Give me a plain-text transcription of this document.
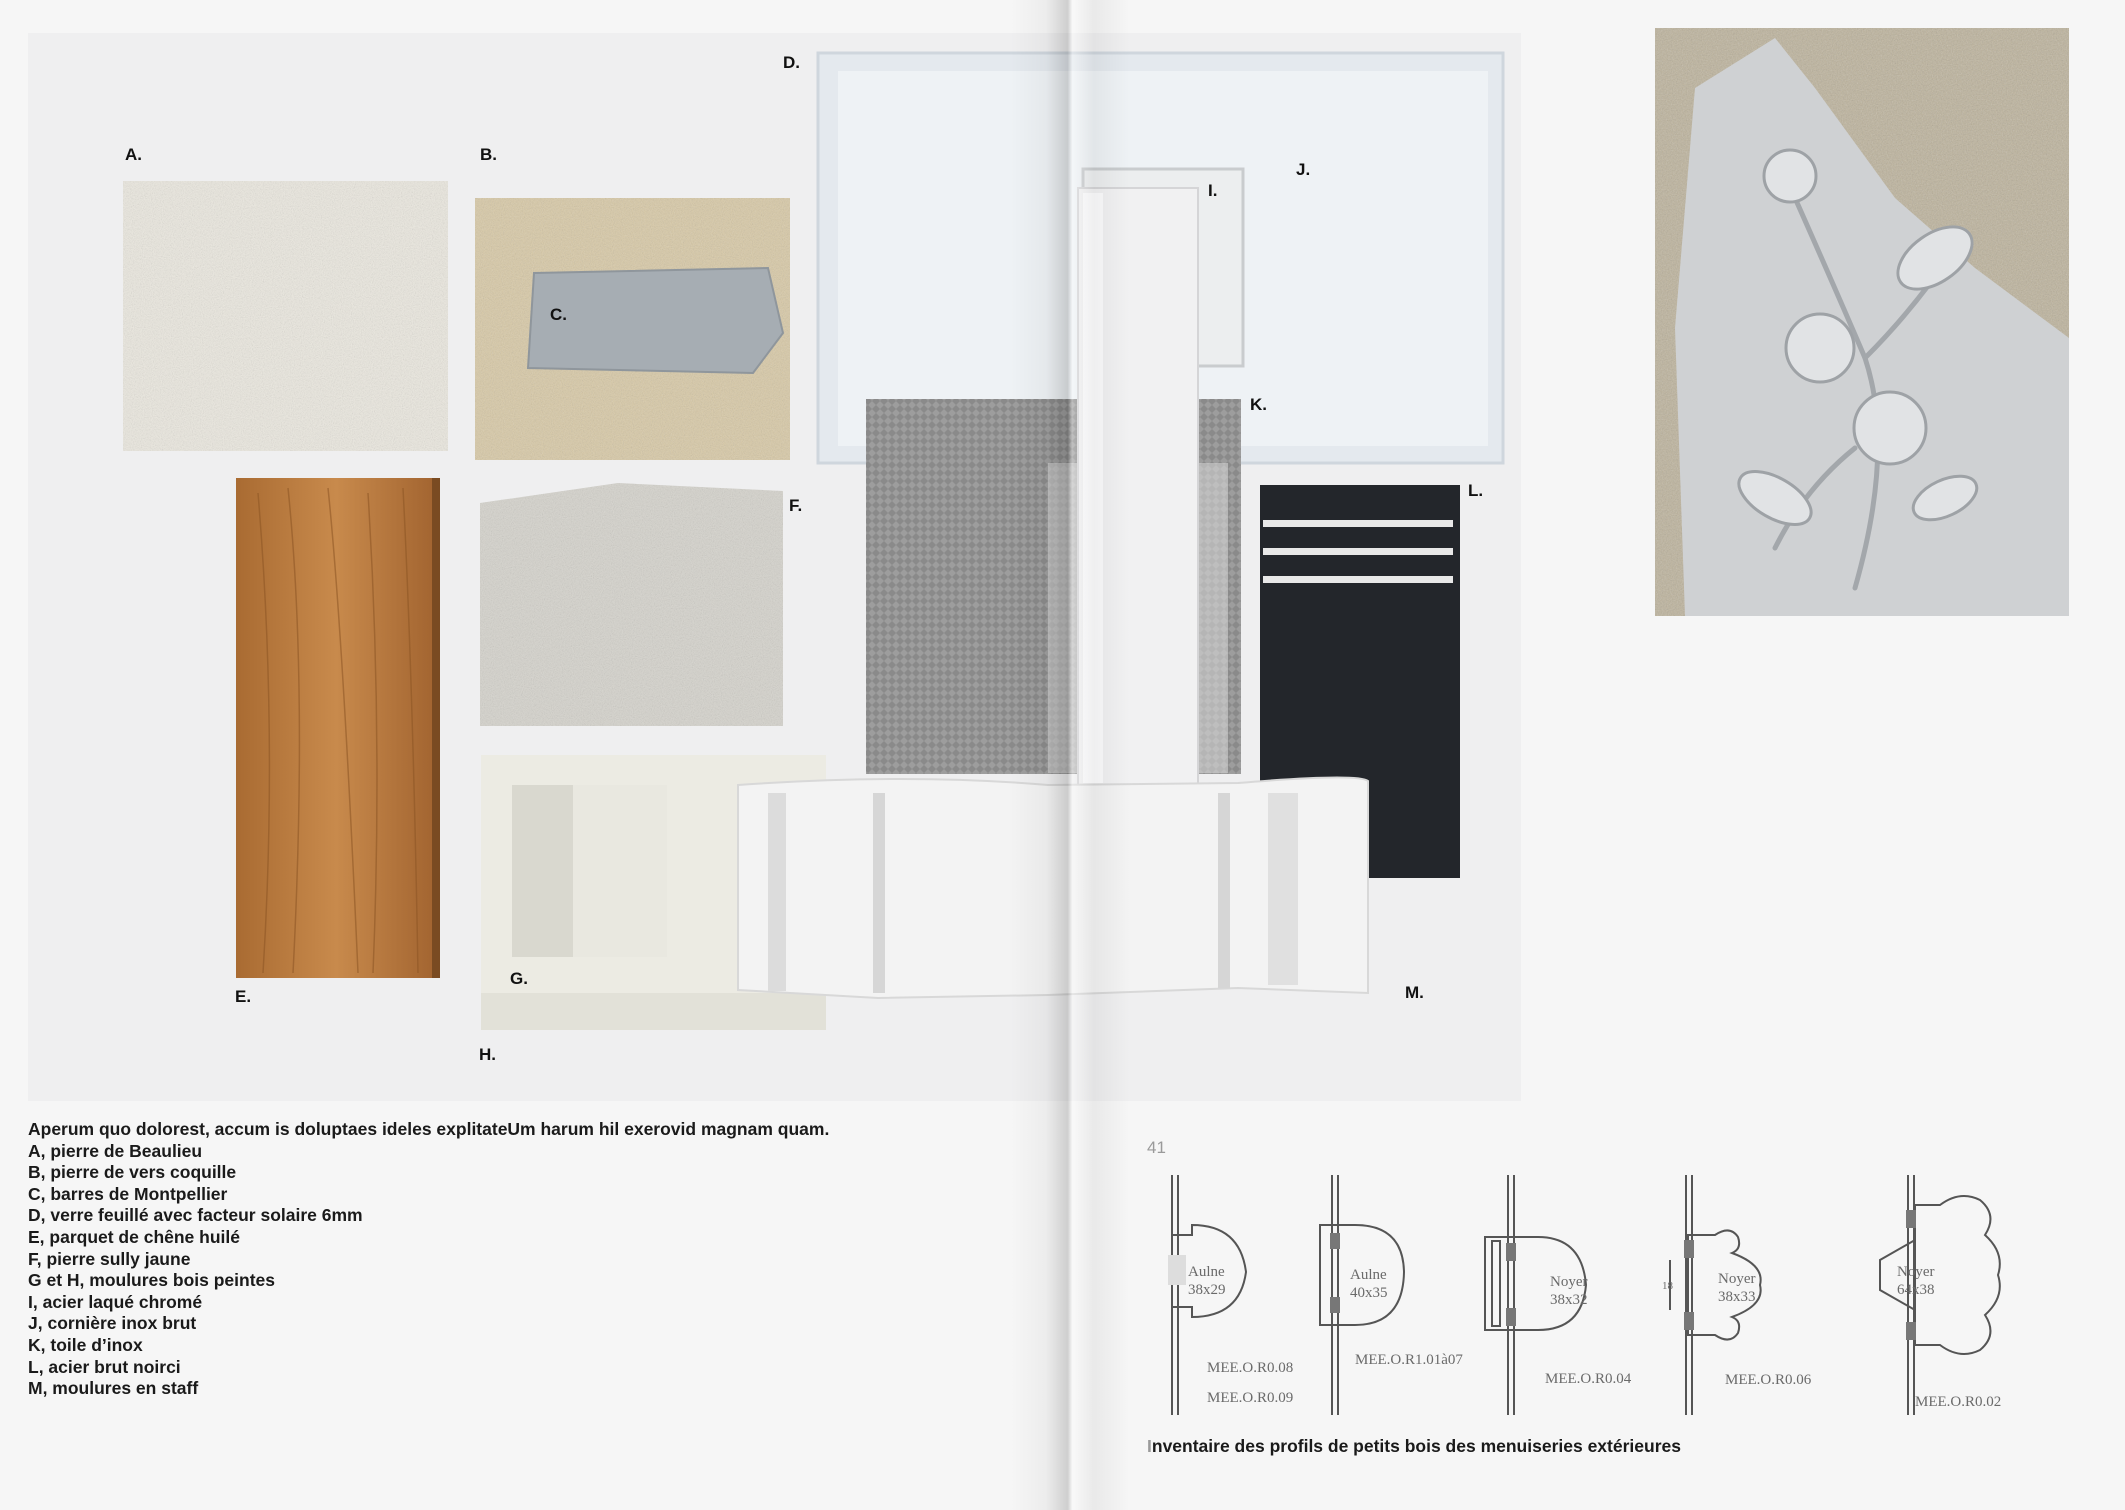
A.	B.
C.
D.
E.
F.
G.
H.
I.
J.
K.
L.
M.
Aperum quo dolorest, accum is doluptaes ideles explitateUm harum hil exerovid magnam quam.
A, pierre de Beaulieu
B, pierre de vers coquille
C, barres de Montpellier
D, verre feuillé avec facteur solaire 6mm
E, parquet de chêne huilé
F, pierre sully jaune
G et H, moulures bois peintes
I, acier laqué chromé
J, cornière inox brut
K, toile d’inox
L, acier brut noirci
M, moulures en staff
41
Aulne
38x29
MEE.O.R0.08
MEE.O.R0.09
Aulne
40x35
MEE.O.R1.01à07
Noyer
38x32
MEE.O.R0.04
Noyer
38x33
18
MEE.O.R0.06
Noyer
64x38
MEE.O.R0.02
Inventaire des profils de petits bois des menuiseries extérieures
